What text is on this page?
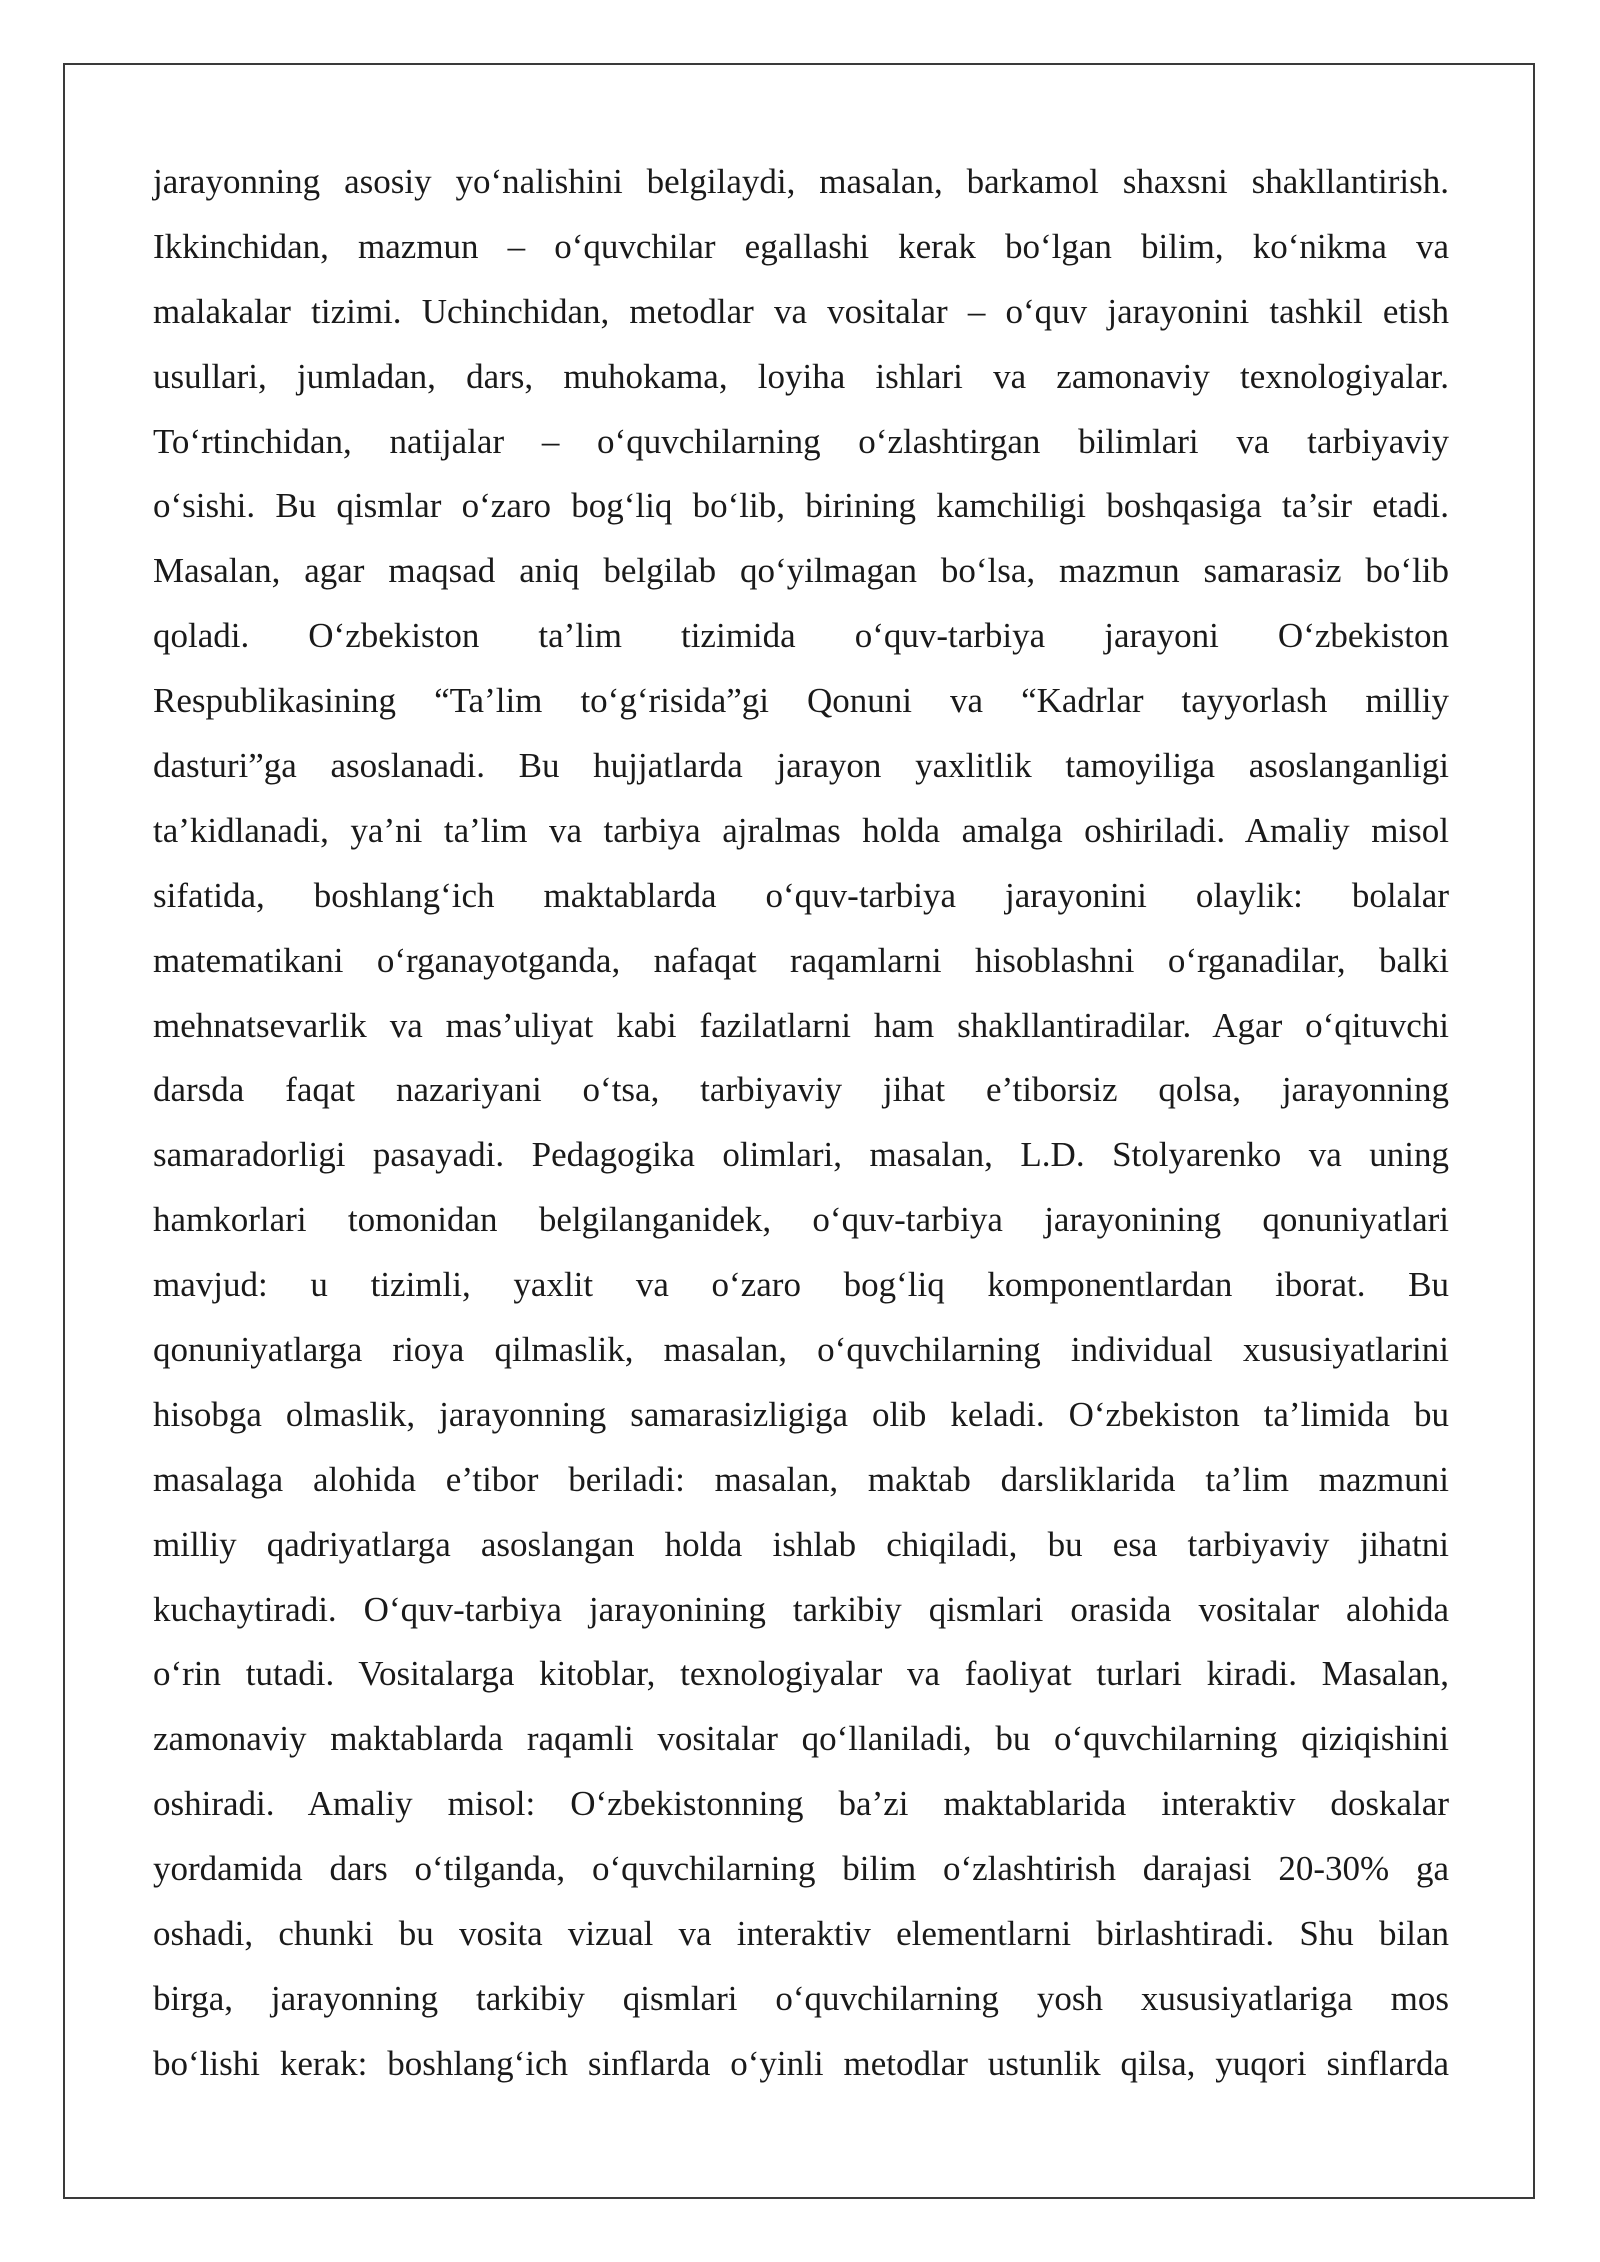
jarayonning asosiy yo‘nalishini belgilaydi, masalan, barkamol shaxsni shakllantirish.
Ikkinchidan, mazmun – o‘quvchilar egallashi kerak bo‘lgan bilim, ko‘nikma va
malakalar tizimi. Uchinchidan, metodlar va vositalar – o‘quv jarayonini tashkil etish
usullari, jumladan, dars, muhokama, loyiha ishlari va zamonaviy texnologiyalar.
To‘rtinchidan, natijalar – o‘quvchilarning o‘zlashtirgan bilimlari va tarbiyaviy
o‘sishi. Bu qismlar o‘zaro bog‘liq bo‘lib, birining kamchiligi boshqasiga ta’sir etadi.
Masalan, agar maqsad aniq belgilab qo‘yilmagan bo‘lsa, mazmun samarasiz bo‘lib
qoladi. O‘zbekiston ta’lim tizimida o‘quv-tarbiya jarayoni O‘zbekiston
Respublikasining “Ta’lim to‘g‘risida”gi Qonuni va “Kadrlar tayyorlash milliy
dasturi”ga asoslanadi. Bu hujjatlarda jarayon yaxlitlik tamoyiliga asoslanganligi
ta’kidlanadi, ya’ni ta’lim va tarbiya ajralmas holda amalga oshiriladi. Amaliy misol
sifatida, boshlang‘ich maktablarda o‘quv-tarbiya jarayonini olaylik: bolalar
matematikani o‘rganayotganda, nafaqat raqamlarni hisoblashni o‘rganadilar, balki
mehnatsevarlik va mas’uliyat kabi fazilatlarni ham shakllantiradilar. Agar o‘qituvchi
darsda faqat nazariyani o‘tsa, tarbiyaviy jihat e’tiborsiz qolsa, jarayonning
samaradorligi pasayadi. Pedagogika olimlari, masalan, L.D. Stolyarenko va uning
hamkorlari tomonidan belgilanganidek, o‘quv-tarbiya jarayonining qonuniyatlari
mavjud: u tizimli, yaxlit va o‘zaro bog‘liq komponentlardan iborat. Bu
qonuniyatlarga rioya qilmaslik, masalan, o‘quvchilarning individual xususiyatlarini
hisobga olmaslik, jarayonning samarasizligiga olib keladi. O‘zbekiston ta’limida bu
masalaga alohida e’tibor beriladi: masalan, maktab darsliklarida ta’lim mazmuni
milliy qadriyatlarga asoslangan holda ishlab chiqiladi, bu esa tarbiyaviy jihatni
kuchaytiradi. O‘quv-tarbiya jarayonining tarkibiy qismlari orasida vositalar alohida
o‘rin tutadi. Vositalarga kitoblar, texnologiyalar va faoliyat turlari kiradi. Masalan,
zamonaviy maktablarda raqamli vositalar qo‘llaniladi, bu o‘quvchilarning qiziqishini
oshiradi. Amaliy misol: O‘zbekistonning ba’zi maktablarida interaktiv doskalar
yordamida dars o‘tilganda, o‘quvchilarning bilim o‘zlashtirish darajasi 20-30% ga
oshadi, chunki bu vosita vizual va interaktiv elementlarni birlashtiradi. Shu bilan
birga, jarayonning tarkibiy qismlari o‘quvchilarning yosh xususiyatlariga mos
bo‘lishi kerak: boshlang‘ich sinflarda o‘yinli metodlar ustunlik qilsa, yuqori sinflarda
